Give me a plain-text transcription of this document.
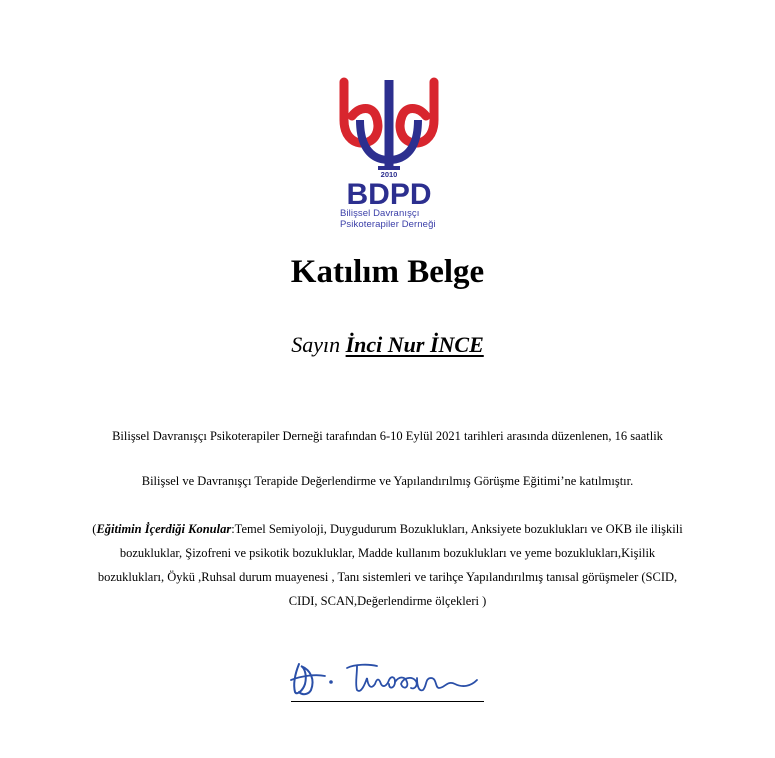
2010
BDPD
Bilişsel Davranışçı
Psikoterapiler Derneği
Katılım Belge
Sayın İnci Nur İNCE
Bilişsel Davranışçı Psikoterapiler Derneği tarafından 6-10 Eylül 2021 tarihleri arasında düzenlenen, 16 saatlik
Bilişsel ve Davranışçı Terapide Değerlendirme ve Yapılandırılmış Görüşme Eğitimi’ne katılmıştır.
(Eğitimin İçerdiği Konular:Temel Semiyoloji, Duygudurum Bozuklukları, Anksiyete bozuklukları ve OKB ile ilişkili bozukluklar, Şizofreni ve psikotik bozukluklar, Madde kullanım bozuklukları ve yeme bozuklukları,Kişilik bozuklukları, Öykü ,Ruhsal durum muayenesi , Tanı sistemleri ve tarihçe Yapılandırılmış tanısal görüşmeler (SCID, CIDI, SCAN,Değerlendirme ölçekleri )
